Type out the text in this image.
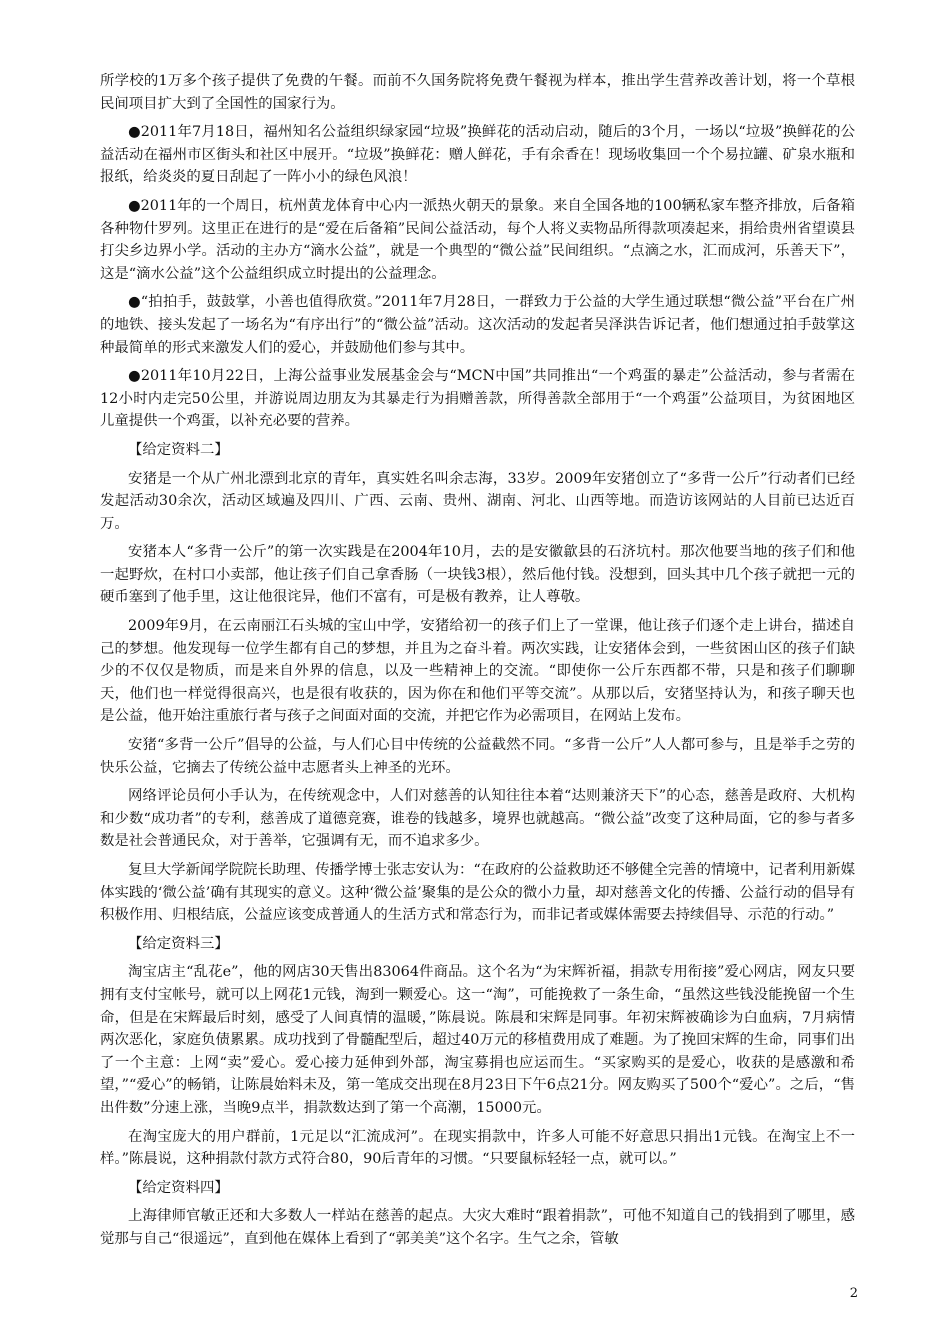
所学校的1万多个孩子提供了免费的午餐。而前不久国务院将免费午餐视为样本，推出学生营养改善计划，将一个草根民间项目扩大到了全国性的国家行为。

●2011年7月18日，福州知名公益组织绿家园“垃圾”换鲜花的活动启动，随后的3个月，一场以“垃圾”换鲜花的公益活动在福州市区街头和社区中展开。“垃圾”换鲜花：赠人鲜花，手有余香在！现场收集回一个个易拉罐、矿泉水瓶和报纸，给炎炎的夏日刮起了一阵小小的绿色风浪！

●2011年的一个周日，杭州黄龙体育中心内一派热火朝天的景象。来自全国各地的100辆私家车整齐排放，后备箱各种物什罗列。这里正在进行的是“爱在后备箱”民间公益活动，每个人将义卖物品所得款项凑起来，捐给贵州省望谟县打尖乡边界小学。活动的主办方“滴水公益”，就是一个典型的“微公益”民间组织。“点滴之水，汇而成河，乐善天下”，这是“滴水公益”这个公益组织成立时提出的公益理念。

●“拍拍手，鼓鼓掌，小善也值得欣赏。”2011年7月28日，一群致力于公益的大学生通过联想“微公益”平台在广州的地铁、接头发起了一场名为“有序出行”的“微公益”活动。这次活动的发起者吴泽洪告诉记者，他们想通过拍手鼓掌这种最简单的形式来激发人们的爱心，并鼓励他们参与其中。

●2011年10月22日，上海公益事业发展基金会与“MCN中国”共同推出“一个鸡蛋的暴走”公益活动，参与者需在12小时内走完50公里，并游说周边朋友为其暴走行为捐赠善款，所得善款全部用于“一个鸡蛋”公益项目，为贫困地区儿童提供一个鸡蛋，以补充必要的营养。

【给定资料二】

安猪是一个从广州北漂到北京的青年，真实姓名叫余志海，33岁。2009年安猪创立了“多背一公斤”行动者们已经发起活动30余次，活动区域遍及四川、广西、云南、贵州、湖南、河北、山西等地。而造访该网站的人目前已达近百万。

安猪本人“多背一公斤”的第一次实践是在2004年10月，去的是安徽歙县的石济坑村。那次他要当地的孩子们和他一起野炊，在村口小卖部，他让孩子们自己拿香肠（一块钱3根），然后他付钱。没想到，回头其中几个孩子就把一元的硬币塞到了他手里，这让他很诧异，他们不富有，可是极有教养，让人尊敬。

2009年9月，在云南丽江石头城的宝山中学，安猪给初一的孩子们上了一堂课，他让孩子们逐个走上讲台，描述自己的梦想。他发现每一位学生都有自己的梦想，并且为之奋斗着。两次实践，让安猪体会到，一些贫困山区的孩子们缺少的不仅仅是物质，而是来自外界的信息，以及一些精神上的交流。“即使你一公斤东西都不带，只是和孩子们聊聊天，他们也一样觉得很高兴，也是很有收获的，因为你在和他们平等交流”。从那以后，安猪坚持认为，和孩子聊天也是公益，他开始注重旅行者与孩子之间面对面的交流，并把它作为必需项目，在网站上发布。

安猪“多背一公斤”倡导的公益，与人们心目中传统的公益截然不同。“多背一公斤”人人都可参与，且是举手之劳的快乐公益，它摘去了传统公益中志愿者头上神圣的光环。

网络评论员何小手认为，在传统观念中，人们对慈善的认知往往本着“达则兼济天下”的心态，慈善是政府、大机构和少数“成功者”的专利，慈善成了道德竞赛，谁卷的钱越多，境界也就越高。“微公益”改变了这种局面，它的参与者多数是社会普通民众，对于善举，它强调有无，而不追求多少。

复旦大学新闻学院院长助理、传播学博士张志安认为：“在政府的公益救助还不够健全完善的情境中，记者利用新媒体实践的‘微公益’确有其现实的意义。这种‘微公益’聚集的是公众的微小力量，却对慈善文化的传播、公益行动的倡导有积极作用、归根结底，公益应该变成普通人的生活方式和常态行为，而非记者或媒体需要去持续倡导、示范的行动。”

【给定资料三】

淘宝店主“乱花e”，他的网店30天售出83064件商品。这个名为“为宋辉祈福，捐款专用衔接”爱心网店，网友只要拥有支付宝帐号，就可以上网花1元钱，淘到一颗爱心。这一“淘”，可能挽救了一条生命，“虽然这些钱没能挽留一个生命，但是在宋辉最后时刻，感受了人间真情的温暖，”陈晨说。陈晨和宋辉是同事。年初宋辉被确诊为白血病，7月病情两次恶化，家庭负债累累。成功找到了骨髓配型后，超过40万元的移植费用成了难题。为了挽回宋辉的生命，同事们出了一个主意：上网“卖”爱心。爱心接力延伸到外部，淘宝募捐也应运而生。“买家购买的是爱心，收获的是感激和希望，”“爱心”的畅销，让陈晨始料未及，第一笔成交出现在8月23日下午6点21分。网友购买了500个“爱心”。之后，“售出件数”分速上涨，当晚9点半，捐款数达到了第一个高潮，15000元。

在淘宝庞大的用户群前，1元足以“汇流成河”。在现实捐款中，许多人可能不好意思只捐出1元钱。在淘宝上不一样。”陈晨说，这种捐款付款方式符合80，90后青年的习惯。“只要鼠标轻轻一点，就可以。”

【给定资料四】

上海律师官敏正还和大多数人一样站在慈善的起点。大灾大难时“跟着捐款”，可他不知道自己的钱捐到了哪里，感觉那与自己“很遥远”，直到他在媒体上看到了“郭美美”这个名字。生气之余，管敏

2
